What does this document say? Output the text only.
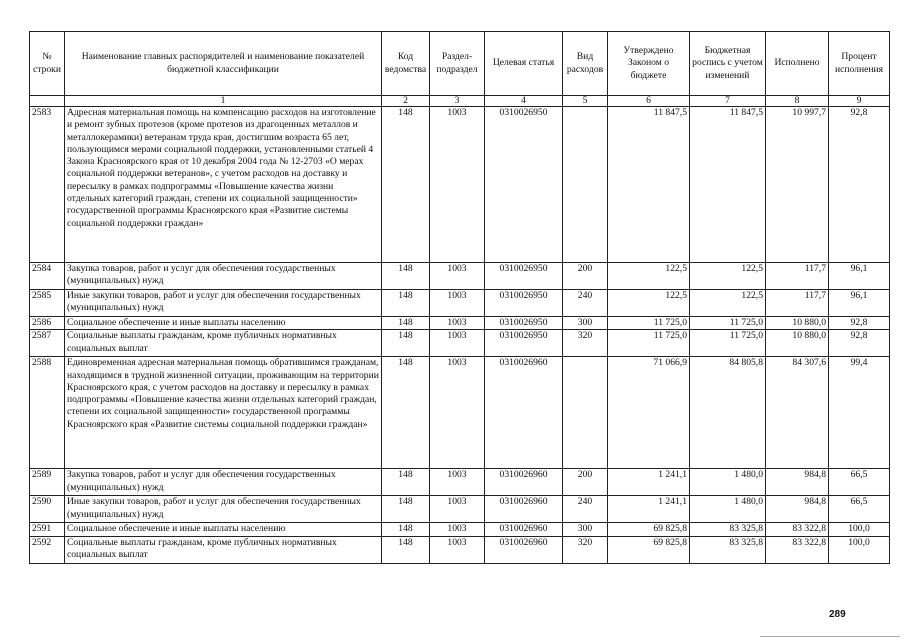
№ строки	Наименование главных распорядителей и наименование показателей бюджетной классификации	Код ведомства	Раздел-подраздел	Целевая статья	Вид расходов	Утверждено Законом о бюджете	Бюджетная роспись с учетом изменений	Исполнено	Процент исполнения
	1	2	3	4	5	6	7	8	9
2583	Адресная материальная помощь на компенсацию расходов на изготовление и ремонт зубных протезов (кроме протезов из драгоценных металлов и металлокерамики) ветеранам труда края, достигшим возраста 65 лет, пользующимся мерами социальной поддержки, установленными статьей 4 Закона Красноярского края от 10 декабря 2004 года № 12-2703 «О мерах социальной поддержки ветеранов», с учетом расходов на доставку и пересылку в рамках подпрограммы «Повышение качества жизни отдельных категорий граждан, степени их социальной защищенности» государственной программы Красноярского края «Развитие системы социальной поддержки граждан»	148	1003	0310026950		11 847,5	11 847,5	10 997,7	92,8
2584	Закупка товаров, работ и услуг для обеспечения государственных (муниципальных) нужд	148	1003	0310026950	200	122,5	122,5	117,7	96,1
2585	Иные закупки товаров, работ и услуг для обеспечения государственных (муниципальных) нужд	148	1003	0310026950	240	122,5	122,5	117,7	96,1
2586	Социальное обеспечение и иные выплаты населению	148	1003	0310026950	300	11 725,0	11 725,0	10 880,0	92,8
2587	Социальные выплаты гражданам, кроме публичных нормативных социальных выплат	148	1003	0310026950	320	11 725,0	11 725,0	10 880,0	92,8
2588	Единовременная адресная материальная помощь обратившимся гражданам, находящимся в трудной жизненной ситуации, проживающим на территории Красноярского края, с учетом расходов на доставку и пересылку в рамках подпрограммы «Повышение качества жизни отдельных категорий граждан, степени их социальной защищенности» государственной программы Красноярского края «Развитие системы социальной поддержки граждан»	148	1003	0310026960		71 066,9	84 805,8	84 307,6	99,4
2589	Закупка товаров, работ и услуг для обеспечения государственных (муниципальных) нужд	148	1003	0310026960	200	1 241,1	1 480,0	984,8	66,5
2590	Иные закупки товаров, работ и услуг для обеспечения государственных (муниципальных) нужд	148	1003	0310026960	240	1 241,1	1 480,0	984,8	66,5
2591	Социальное обеспечение и иные выплаты населению	148	1003	0310026960	300	69 825,8	83 325,8	83 322,8	100,0
2592	Социальные выплаты гражданам, кроме публичных нормативных социальных выплат	148	1003	0310026960	320	69 825,8	83 325,8	83 322,8	100,0
289
